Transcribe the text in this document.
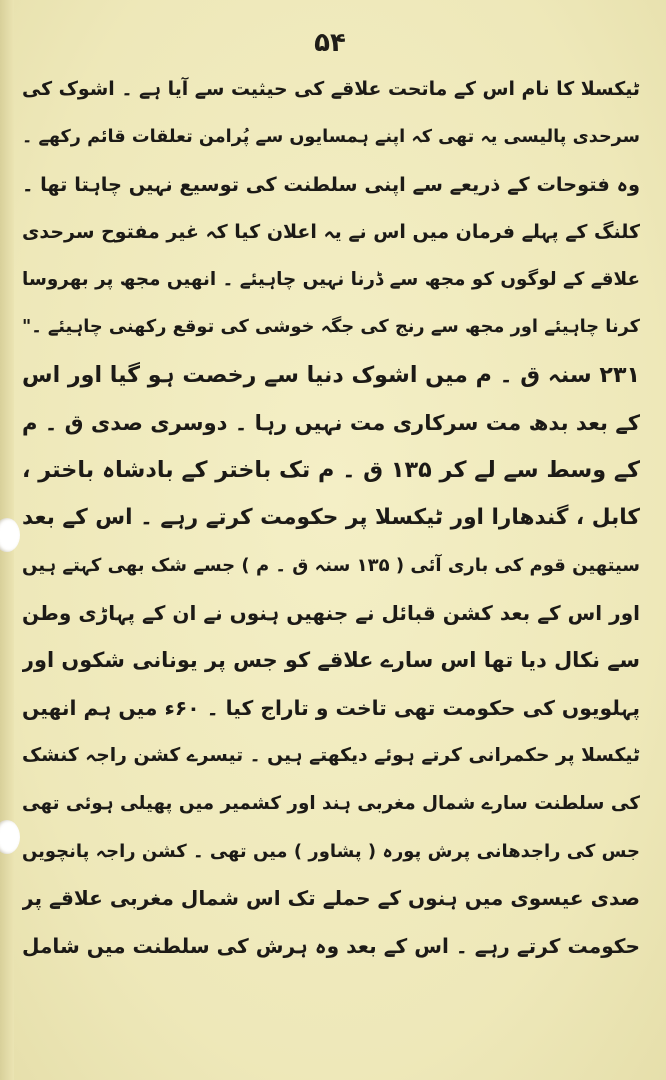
۵۴
ٹیکسلا کا نام اس کے ماتحت علاقے کی حیثیت سے آیا ہے ۔ اشوک کی
سرحدی پالیسی یہ تھی کہ اپنے ہمسایوں سے پُرامن تعلقات قائم رکھے ۔
وہ فتوحات کے ذریعے سے اپنی سلطنت کی توسیع نہیں چاہتا تھا ۔
کلنگ کے پہلے فرمان میں اس نے یہ اعلان کیا کہ غیر مفتوح سرحدی
علاقے کے لوگوں کو مجھ سے ڈرنا نہیں چاہیئے ۔ انھیں مجھ پر بھروسا
کرنا چاہیئے اور مجھ سے رنج کی جگہ خوشی کی توقع رکھنی چاہیئے ۔"
۲۳۱ سنہ ق ۔ م میں اشوک دنیا سے رخصت ہو گیا اور اس
کے بعد بدھ مت سرکاری مت نہیں رہا ۔ دوسری صدی ق ۔ م
کے وسط سے لے کر ۱۳۵ ق ۔ م تک باختر کے بادشاہ باختر ،
کابل ، گندھارا اور ٹیکسلا پر حکومت کرتے رہے ۔ اس کے بعد
سیتھین قوم کی باری آئی ( ۱۳۵ سنہ ق ۔ م ) جسے شک بھی کہتے ہیں
اور اس کے بعد کشن قبائل نے جنھیں ہنوں نے ان کے پہاڑی وطن
سے نکال دیا تھا اس سارے علاقے کو جس پر یونانی شکوں اور
پہلویوں کی حکومت تھی تاخت و تاراج کیا ۔ ۶۰ء میں ہم انھیں
ٹیکسلا پر حکمرانی کرتے ہوئے دیکھتے ہیں ۔ تیسرے کشن راجہ کنشک
کی سلطنت سارے شمال مغربی ہند اور کشمیر میں پھیلی ہوئی تھی
جس کی راجدھانی پرش پورہ ( پشاور ) میں تھی ۔ کشن راجہ پانچویں
صدی عیسوی میں ہنوں کے حملے تک اس شمال مغربی علاقے پر
حکومت کرتے رہے ۔ اس کے بعد وہ ہرش کی سلطنت میں شامل
